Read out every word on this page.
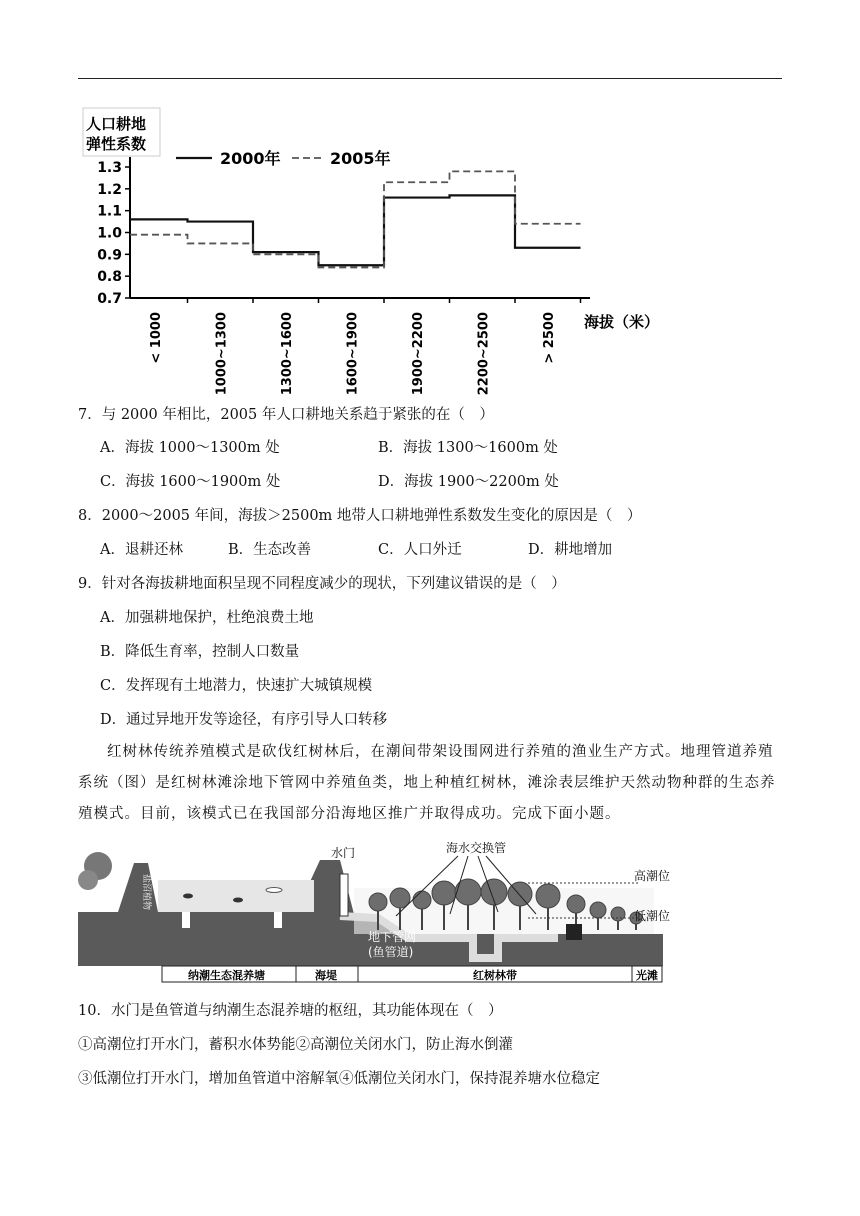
人口耕地
弹性系数
1.3
1.2
1.1
1.0
0.9
0.8
0.7
2000年	2005年
< 1000	1000~1300	1300~1600	1600~1900	1900~2200	2200~2500	> 2500 海拔（米）
7．与 2000 年相比，2005 年人口耕地关系趋于紧张的在（　）
A．海拔 1000～1300m 处	B．海拔 1300～1600m 处
C．海拔 1600～1900m 处	D．海拔 1900～2200m 处
8．2000～2005 年间，海拔＞2500m 地带人口耕地弹性系数发生变化的原因是（　）
A．退耕还林	B．生态改善	C．人口外迁	D．耕地增加
9．针对各海拔耕地面积呈现不同程度减少的现状，下列建议错误的是（　）
A．加强耕地保护，杜绝浪费土地
B．降低生育率，控制人口数量
C．发挥现有土地潜力，快速扩大城镇规模
D．通过异地开发等途径，有序引导人口转移
红树林传统养殖模式是砍伐红树林后，在潮间带架设围网进行养殖的渔业生产方式。地理管道养殖系统（图）是红树林滩涂地下管网中养殖鱼类，地上种植红树林，滩涂表层维护天然动物种群的生态养殖模式。目前，该模式已在我国部分沿海地区推广并取得成功。完成下面小题。
水门	海水交换管
高潮位
低潮位
盐沼植物
地下管网
(鱼管道)
纳潮生态混养塘	海堤	红树林带	光滩
10．水门是鱼管道与纳潮生态混养塘的枢纽，其功能体现在（　）
①高潮位打开水门，蓄积水体势能②高潮位关闭水门，防止海水倒灌
③低潮位打开水门，增加鱼管道中溶解氧④低潮位关闭水门，保持混养塘水位稳定
